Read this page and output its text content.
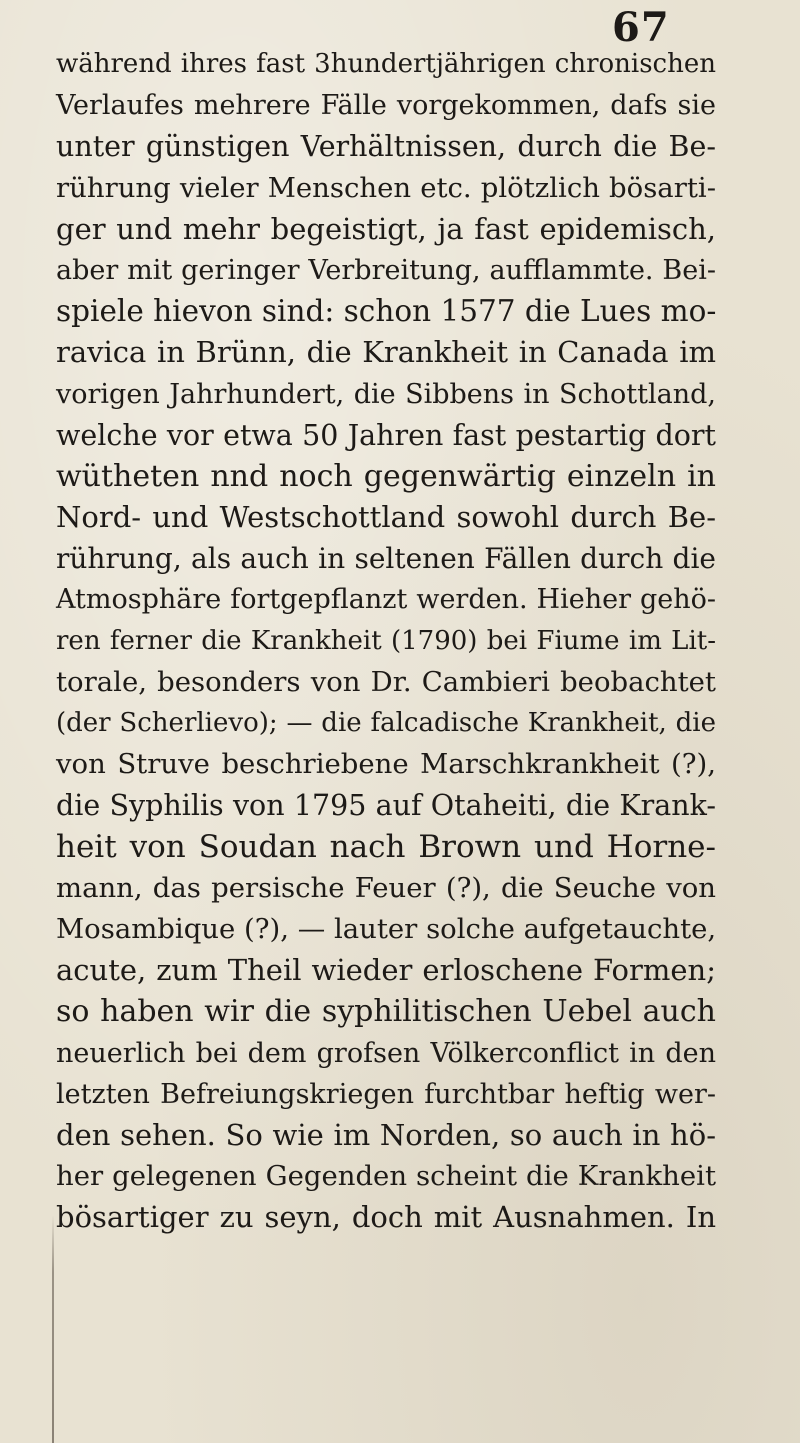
67
während ihres fast 3hundertjährigen chronischen
Verlaufes mehrere Fälle vorgekommen, dafs sie
unter günstigen Verhältnissen, durch die Be-
rührung vieler Menschen etc. plötzlich bösarti-
ger und mehr begeistigt, ja fast epidemisch,
aber mit geringer Verbreitung, aufflammte. Bei-
spiele hievon sind: schon 1577 die Lues mo-
ravica in Brünn, die Krankheit in Canada im
vorigen Jahrhundert, die Sibbens in Schottland,
welche vor etwa 50 Jahren fast pestartig dort
wütheten nnd noch gegenwärtig einzeln in
Nord- und Westschottland sowohl durch Be-
rührung, als auch in seltenen Fällen durch die
Atmosphäre fortgepflanzt werden. Hieher gehö-
ren ferner die Krankheit (1790) bei Fiume im Lit-
torale, besonders von Dr. Cambieri beobachtet
(der Scherlievo); — die falcadische Krankheit, die
von Struve beschriebene Marschkrankheit (?),
die Syphilis von 1795 auf Otaheiti, die Krank-
heit von Soudan nach Brown und Horne-
mann, das persische Feuer (?), die Seuche von
Mosambique (?), — lauter solche aufgetauchte,
acute, zum Theil wieder erloschene Formen;
so haben wir die syphilitischen Uebel auch
neuerlich bei dem grofsen Völkerconflict in den
letzten Befreiungskriegen furchtbar heftig wer-
den sehen. So wie im Norden, so auch in hö-
her gelegenen Gegenden scheint die Krankheit
bösartiger zu seyn, doch mit Ausnahmen. In
